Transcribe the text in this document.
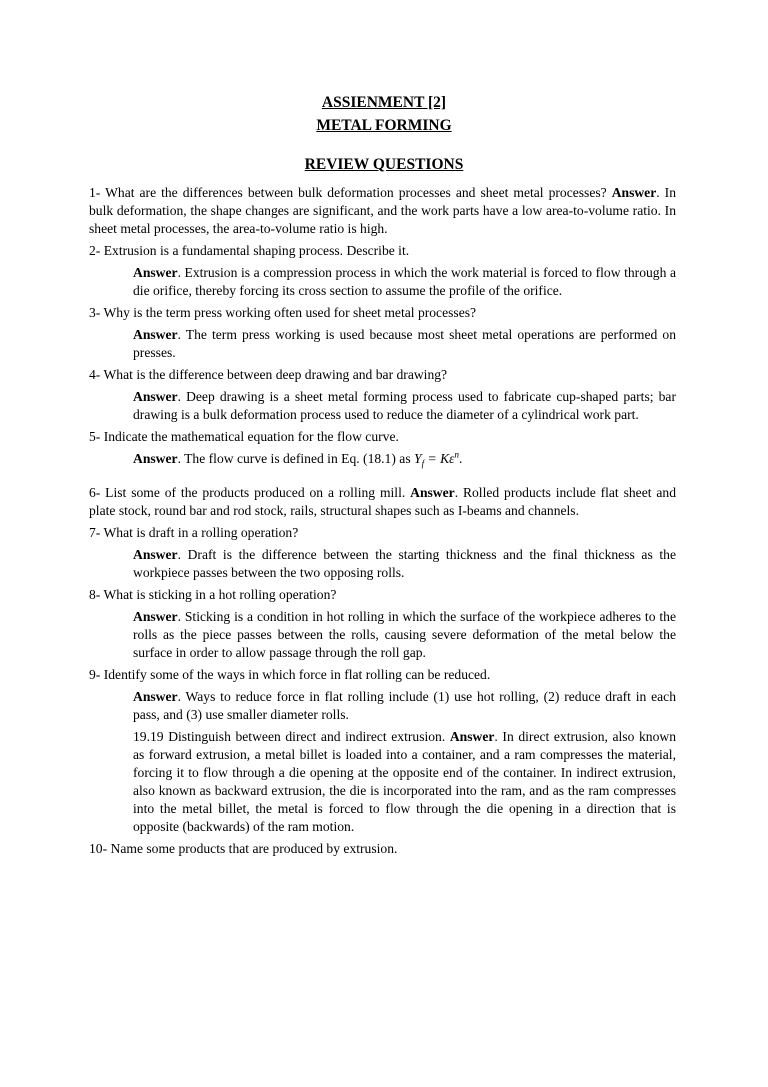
ASSIENMENT [2]
METAL FORMING
REVIEW QUESTIONS

1- What are the differences between bulk deformation processes and sheet metal processes? Answer. In bulk deformation, the shape changes are significant, and the work parts have a low area-to-volume ratio. In sheet metal processes, the area-to-volume ratio is high.

2- Extrusion is a fundamental shaping process. Describe it.

Answer. Extrusion is a compression process in which the work material is forced to flow through a die orifice, thereby forcing its cross section to assume the profile of the orifice.

3- Why is the term press working often used for sheet metal processes?

Answer. The term press working is used because most sheet metal operations are performed on presses.

4- What is the difference between deep drawing and bar drawing?

Answer. Deep drawing is a sheet metal forming process used to fabricate cup-shaped parts; bar drawing is a bulk deformation process used to reduce the diameter of a cylindrical work part.

5- Indicate the mathematical equation for the flow curve.

Answer. The flow curve is defined in Eq. (18.1) as $Y_f = K\varepsilon^n$.

6- List some of the products produced on a rolling mill. Answer. Rolled products include flat sheet and plate stock, round bar and rod stock, rails, structural shapes such as I-beams and channels.

7- What is draft in a rolling operation?

Answer. Draft is the difference between the starting thickness and the final thickness as the workpiece passes between the two opposing rolls.

8- What is sticking in a hot rolling operation?

Answer. Sticking is a condition in hot rolling in which the surface of the workpiece adheres to the rolls as the piece passes between the rolls, causing severe deformation of the metal below the surface in order to allow passage through the roll gap.

9- Identify some of the ways in which force in flat rolling can be reduced.

Answer. Ways to reduce force in flat rolling include (1) use hot rolling, (2) reduce draft in each pass, and (3) use smaller diameter rolls.

19.19 Distinguish between direct and indirect extrusion. Answer. In direct extrusion, also known as forward extrusion, a metal billet is loaded into a container, and a ram compresses the material, forcing it to flow through a die opening at the opposite end of the container. In indirect extrusion, also known as backward extrusion, the die is incorporated into the ram, and as the ram compresses into the metal billet, the metal is forced to flow through the die opening in a direction that is opposite (backwards) of the ram motion.

10- Name some products that are produced by extrusion.
